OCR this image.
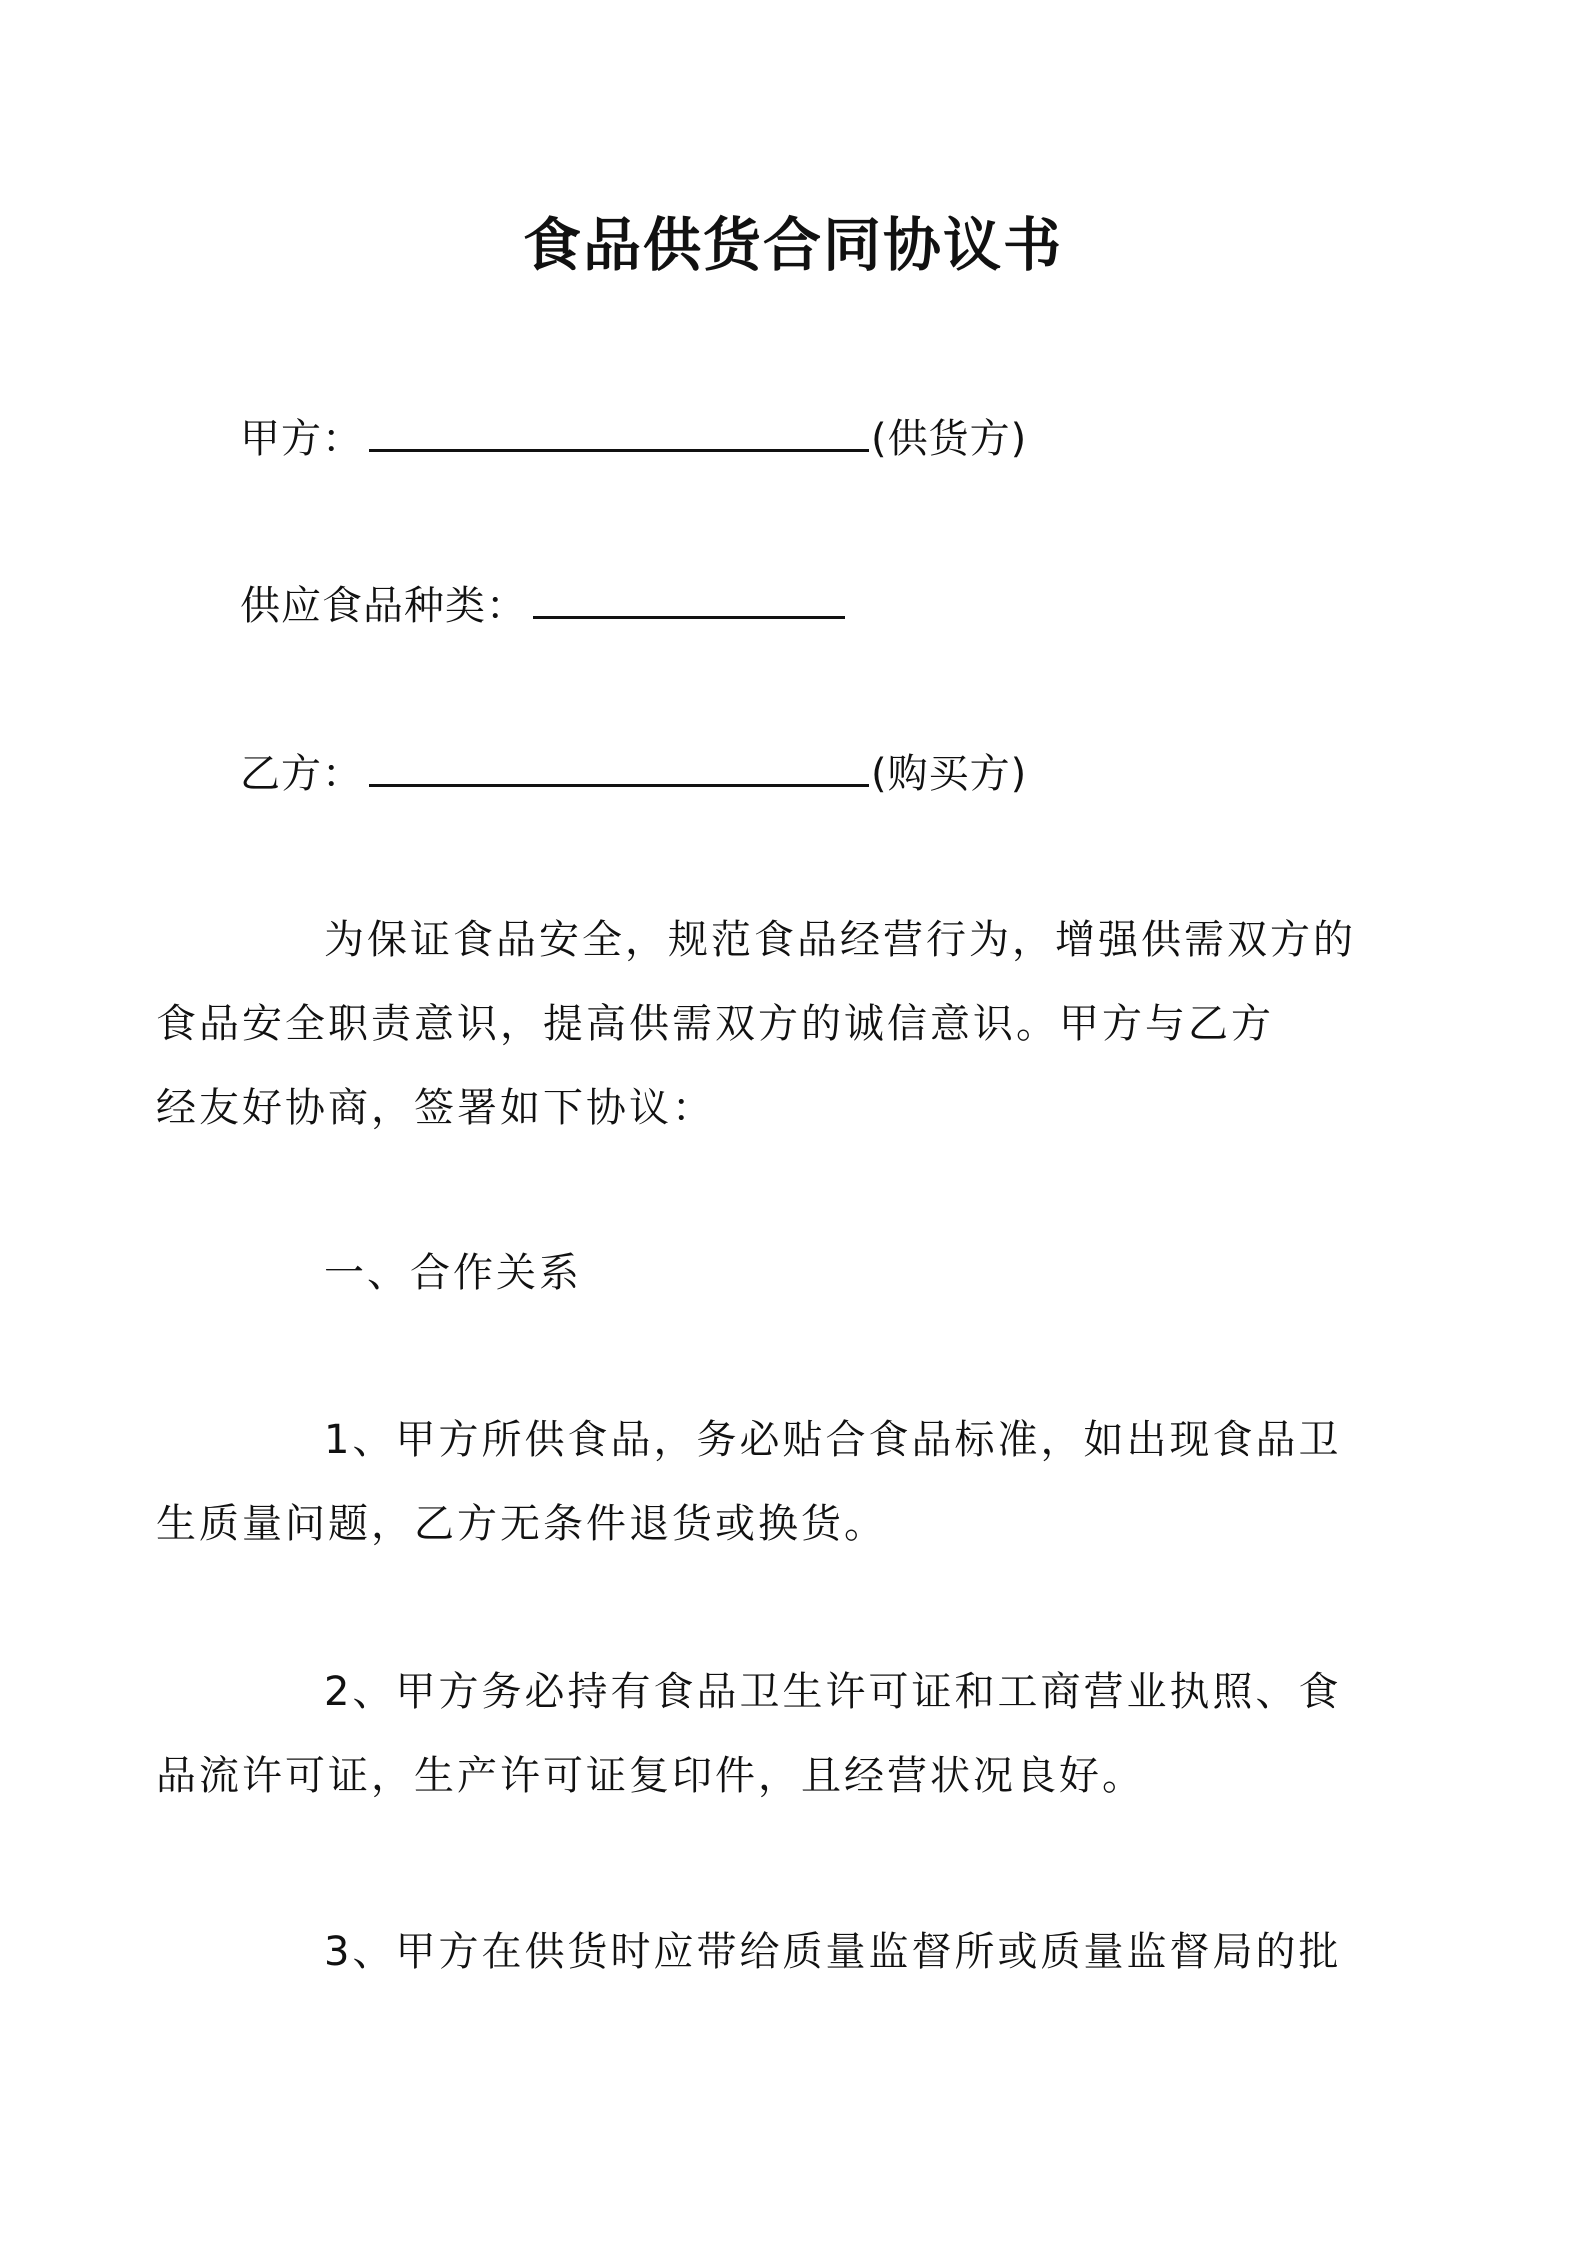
食品供货合同协议书
甲方：	(供货方)
供应食品种类：
乙方：	(购买方)
为保证食品安全，规范食品经营行为，增强供需双方的
食品安全职责意识，提高供需双方的诚信意识。甲方与乙方
经友好协商，签署如下协议：
一、合作关系
1、甲方所供食品，务必贴合食品标准，如出现食品卫
生质量问题，乙方无条件退货或换货。
2、甲方务必持有食品卫生许可证和工商营业执照、食
品流许可证，生产许可证复印件，且经营状况良好。
3、甲方在供货时应带给质量监督所或质量监督局的批
